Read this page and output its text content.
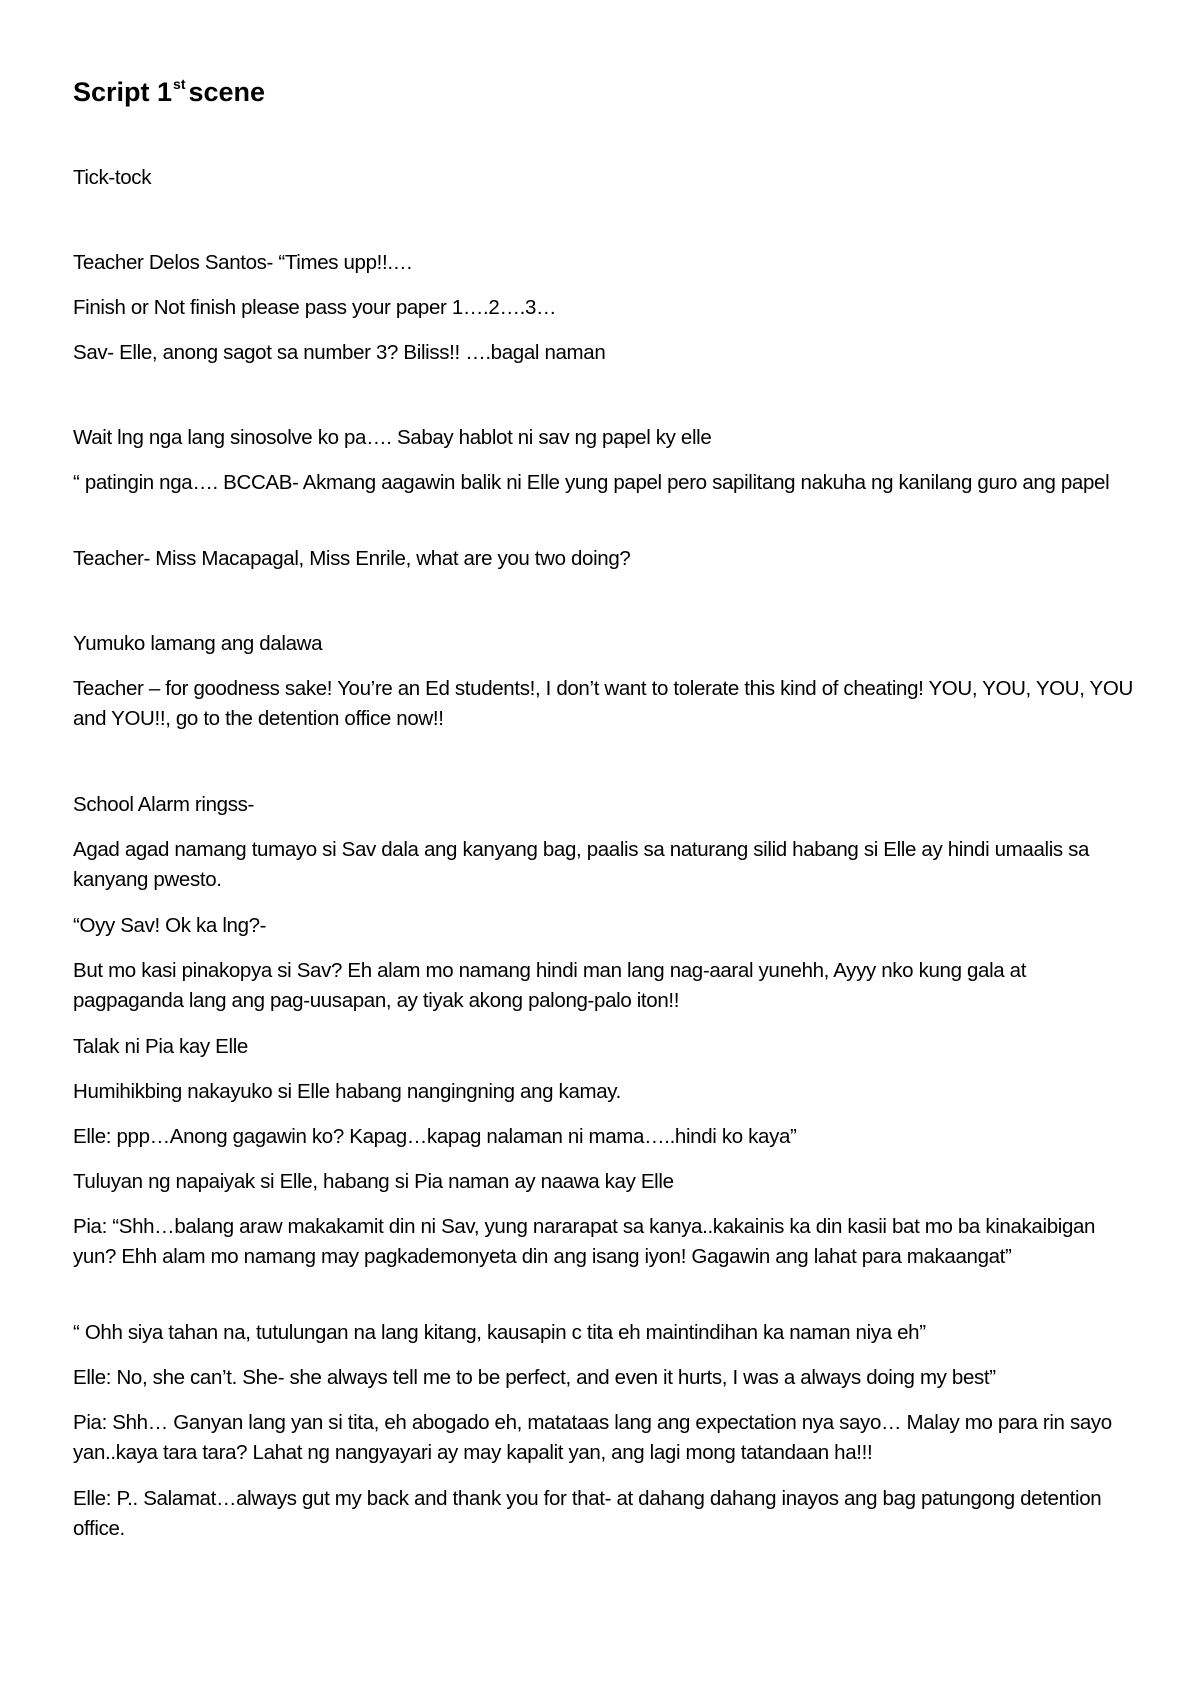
Script 1st scene
Tick-tock
Teacher Delos Santos- “Times upp!!.…
Finish or Not finish please pass your paper 1….2….3…
Sav- Elle, anong sagot sa number 3? Biliss!! ….bagal naman
Wait lng nga lang sinosolve ko pa…. Sabay hablot ni sav ng papel ky elle
“ patingin nga…. BCCAB- Akmang aagawin balik ni Elle yung papel pero sapilitang nakuha ng kanilang guro ang papel
Teacher- Miss Macapagal, Miss Enrile, what are you two doing?
Yumuko lamang ang dalawa
Teacher – for goodness sake! You’re an Ed students!, I don’t want to tolerate this kind of cheating! YOU, YOU, YOU, YOU and YOU!!, go to the detention office now!!
School Alarm ringss-
Agad agad namang tumayo si Sav dala ang kanyang bag, paalis sa naturang silid habang si Elle ay hindi umaalis sa kanyang pwesto.
“Oyy Sav! Ok ka lng?-
But mo kasi pinakopya si Sav? Eh alam mo namang hindi man lang nag-aaral yunehh, Ayyy nko kung gala at pagpaganda lang ang pag-uusapan, ay tiyak akong palong-palo iton!!
Talak ni Pia kay Elle
Humihikbing nakayuko si Elle habang nangingning ang kamay.
Elle: ppp…Anong gagawin ko? Kapag…kapag nalaman ni mama…..hindi ko kaya”
Tuluyan ng napaiyak si Elle, habang si Pia naman ay naawa kay Elle
Pia: “Shh…balang araw makakamit din ni Sav, yung nararapat sa kanya..kakainis ka din kasii bat mo ba kinakaibigan yun? Ehh alam mo namang may pagkademonyeta din ang isang iyon! Gagawin ang lahat para makaangat”
“ Ohh siya tahan na, tutulungan na lang kitang, kausapin c tita eh maintindihan ka naman niya eh”
Elle: No, she can’t. She- she always tell me to be perfect, and even it hurts, I was a always doing my best”
Pia: Shh… Ganyan lang yan si tita, eh abogado eh, matataas lang ang expectation nya sayo… Malay mo para rin sayo yan..kaya tara tara? Lahat ng nangyayari ay may kapalit yan, ang lagi mong tatandaan ha!!!
Elle: P.. Salamat…always gut my back and thank you for that- at dahang dahang inayos ang bag patungong detention office.
